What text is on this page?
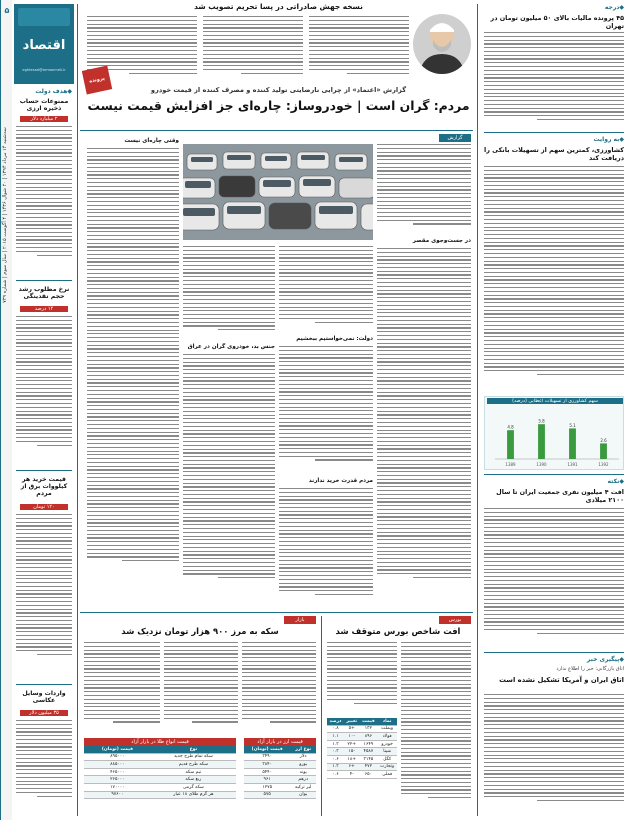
۵
سه‌شنبه ۱۴ مرداد ۱۳۹۴ | ۲۰ شوال ۱۴۳۶ | ۴ آگوست ۲۰۱۵ | سال سوم | شماره ۷۳۹
اقتصاد
eghtesad@armanmeli.ir
◆ هدف دولت
ممنوعات حساب ذخیره ارزی
۲ میلیارد دلار
نرخ مطلوب رشد حجم نقدینگی
۱۴ درصد
قیمت خرید هر کیلووات برق از مردم
۱۲۰ تومان
واردات وسایل عکاسی
۳۵ میلیون دلار
نسخه جهش صادراتی در پسا تحریم تصویب شد
پرونده
گزارش «اعتماد» از چرایی نارضایتی تولید کننده و مصرف کننده از قیمت خودرو
مردم: گران است | خودروساز: چاره‌ای جز افزایش قیمت نیست
گزارش
در جست‌وجوی مقصر
دولت: نمی‌خواستیم ببخشیم
مردم قدرت خرید ندارند
جنس بد، خودروی گران در عراق
وقتی چاره‌ای نیست
◆ درجه
۴۵ پرونده مالیات بالای ۵۰ میلیون تومان در تهران
◆ به روایت
کشاورزی، کمترین سهم از تسهیلات بانکی را دریافت کند
سهم کشاورزی از تسهیلات اعطایی (درصد)
4.8
1389
5.8
1390
5.1
1391
2.6
1392
◆ نکته
افت ۴ میلیون نفری جمعیت ایران تا سال ۲۱۰۰ میلادی
◆ پیگیری خبر
اتاق بازرگانی: خبر را اطلاع ندارد
اتاق ایران و آمریکا تشکیل نشده است
بورس
افت شاخص بورس متوقف شد
نماد	قیمت	تغییر	درصد
وبملت	۱۳۲	+۵	۰.۸
فولاد	۸۹۶	-۱۰	۱.۱
خودرو	۱۶۴۹	+۲۲	۱.۳
شپنا	۴۵۸۷	-۱۵	۰.۳
کگل	۳۱۴۵	+۱۸	۰.۶
وتجارت	۴۷۲	+۶	۱.۳
فملی	۶۵۰	-۴	۰.۶
بازار
سکه به مرز ۹۰۰ هزار تومان نزدیک شد
قیمت ارز در بازار آزاد
نوع ارز	قیمت (تومان)
دلار	۳۴۹۰
یورو	۳۸۴۰
پوند	۵۴۴۰
درهم	۹۶۱
لیر ترکیه	۱۲۷۵
یوان	۵۷۵
قیمت انواع طلا در بازار آزاد
نوع	قیمت (تومان)
سکه تمام طرح جدید	۸۹۵۰۰۰
سکه طرح قدیم	۸۸۵۰۰۰
نیم سکه	۴۶۵۰۰۰
ربع سکه	۲۶۵۰۰۰
سکه گرمی	۱۷۰۰۰۰
هر گرم طلای ۱۸ عیار	۹۷۶۰۰
